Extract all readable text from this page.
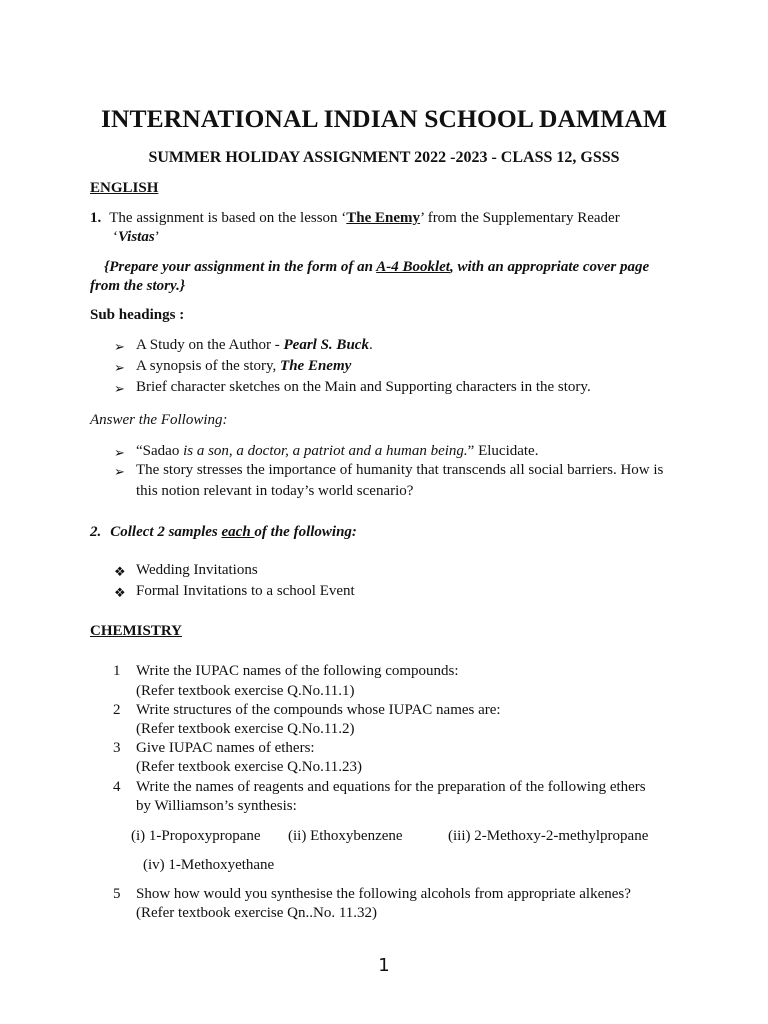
INTERNATIONAL INDIAN SCHOOL DAMMAM
SUMMER HOLIDAY ASSIGNMENT 2022 -2023 - CLASS 12, GSSS
ENGLISH
1. The assignment is based on the lesson ‘The Enemy’ from the Supplementary Reader
‘Vistas’
{Prepare your assignment in the form of an A-4 Booklet, with an appropriate cover page
from the story.}
Sub headings :
➢ A Study on the Author - Pearl S. Buck.
➢ A synopsis of the story, The Enemy
➢ Brief character sketches on the Main and Supporting characters in the story.
Answer the Following:
➢ “Sadao is a son, a doctor, a patriot and a human being.” Elucidate.
➢ The story stresses the importance of humanity that transcends all social barriers. How is
this notion relevant in today’s world scenario?
2. Collect 2 samples each of the following:
❖ Wedding Invitations
❖ Formal Invitations to a school Event
CHEMISTRY
1 Write the IUPAC names of the following compounds:
(Refer textbook exercise Q.No.11.1)
2 Write structures of the compounds whose IUPAC names are:
(Refer textbook exercise Q.No.11.2)
3 Give IUPAC names of ethers:
(Refer textbook exercise Q.No.11.23)
4 Write the names of reagents and equations for the preparation of the following ethers
by Williamson’s synthesis:
(i) 1-Propoxypropane (ii) Ethoxybenzene	(iii) 2-Methoxy-2-methylpropane
(iv) 1-Methoxyethane
5 Show how would you synthesise the following alcohols from appropriate alkenes?
(Refer textbook exercise Qn..No. 11.32)
1
